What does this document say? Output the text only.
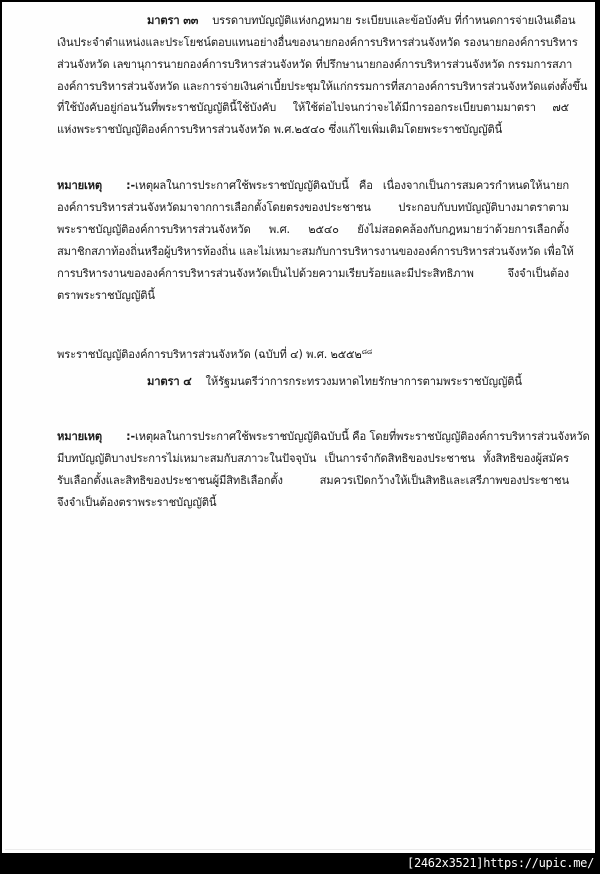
มาตรา ๓๓ บรรดาบทบัญญัติแห่งกฎหมาย ระเบียบและข้อบังคับ ที่กำหนดการจ่ายเงินเดือน
เงินประจำตำแหน่งและประโยชน์ตอบแทนอย่างอื่นของนายกองค์การบริหารส่วนจังหวัด รองนายกองค์การบริหาร
ส่วนจังหวัด เลขานุการนายกองค์การบริหารส่วนจังหวัด ที่ปรึกษานายกองค์การบริหารส่วนจังหวัด กรรมการสภา
องค์การบริหารส่วนจังหวัด และการจ่ายเงินค่าเบี้ยประชุมให้แก่กรรมการที่สภาองค์การบริหารส่วนจังหวัดแต่งตั้งขึ้น
ที่ใช้บังคับอยู่ก่อนวันที่พระราชบัญญัตินี้ใช้บังคับ ให้ใช้ต่อไปจนกว่าจะได้มีการออกระเบียบตามมาตรา ๗๕
แห่งพระราชบัญญัติองค์การบริหารส่วนจังหวัด พ.ศ.๒๕๔๐ ซึ่งแก้ไขเพิ่มเติมโดยพระราชบัญญัตินี้
หมายเหตุ :-เหตุผลในการประกาศใช้พระราชบัญญัติฉบับนี้ คือ เนื่องจากเป็นการสมควรกำหนดให้นายก
องค์การบริหารส่วนจังหวัดมาจากการเลือกตั้งโดยตรงของประชาชน ประกอบกับบทบัญญัติบางมาตราตาม
พระราชบัญญัติองค์การบริหารส่วนจังหวัด พ.ศ. ๒๕๔๐ ยังไม่สอดคล้องกับกฎหมายว่าด้วยการเลือกตั้ง
สมาชิกสภาท้องถิ่นหรือผู้บริหารท้องถิ่น และไม่เหมาะสมกับการบริหารงานขององค์การบริหารส่วนจังหวัด เพื่อให้
การบริหารงานขององค์การบริหารส่วนจังหวัดเป็นไปด้วยความเรียบร้อยและมีประสิทธิภาพ จึงจำเป็นต้อง
ตราพระราชบัญญัตินี้
พระราชบัญญัติองค์การบริหารส่วนจังหวัด (ฉบับที่ ๔) พ.ศ. ๒๕๕๒$^{๘๘}$
มาตรา ๔ ให้รัฐมนตรีว่าการกระทรวงมหาดไทยรักษาการตามพระราชบัญญัตินี้
หมายเหตุ :-เหตุผลในการประกาศใช้พระราชบัญญัติฉบับนี้ คือ โดยที่พระราชบัญญัติองค์การบริหารส่วนจังหวัด
มีบทบัญญัติบางประการไม่เหมาะสมกับสภาวะในปัจจุบัน เป็นการจำกัดสิทธิของประชาชน ทั้งสิทธิของผู้สมัคร
รับเลือกตั้งและสิทธิของประชาชนผู้มีสิทธิเลือกตั้ง สมควรเปิดกว้างให้เป็นสิทธิและเสรีภาพของประชาชน
จึงจำเป็นต้องตราพระราชบัญญัตินี้
[2462x3521]https://upic.me/
